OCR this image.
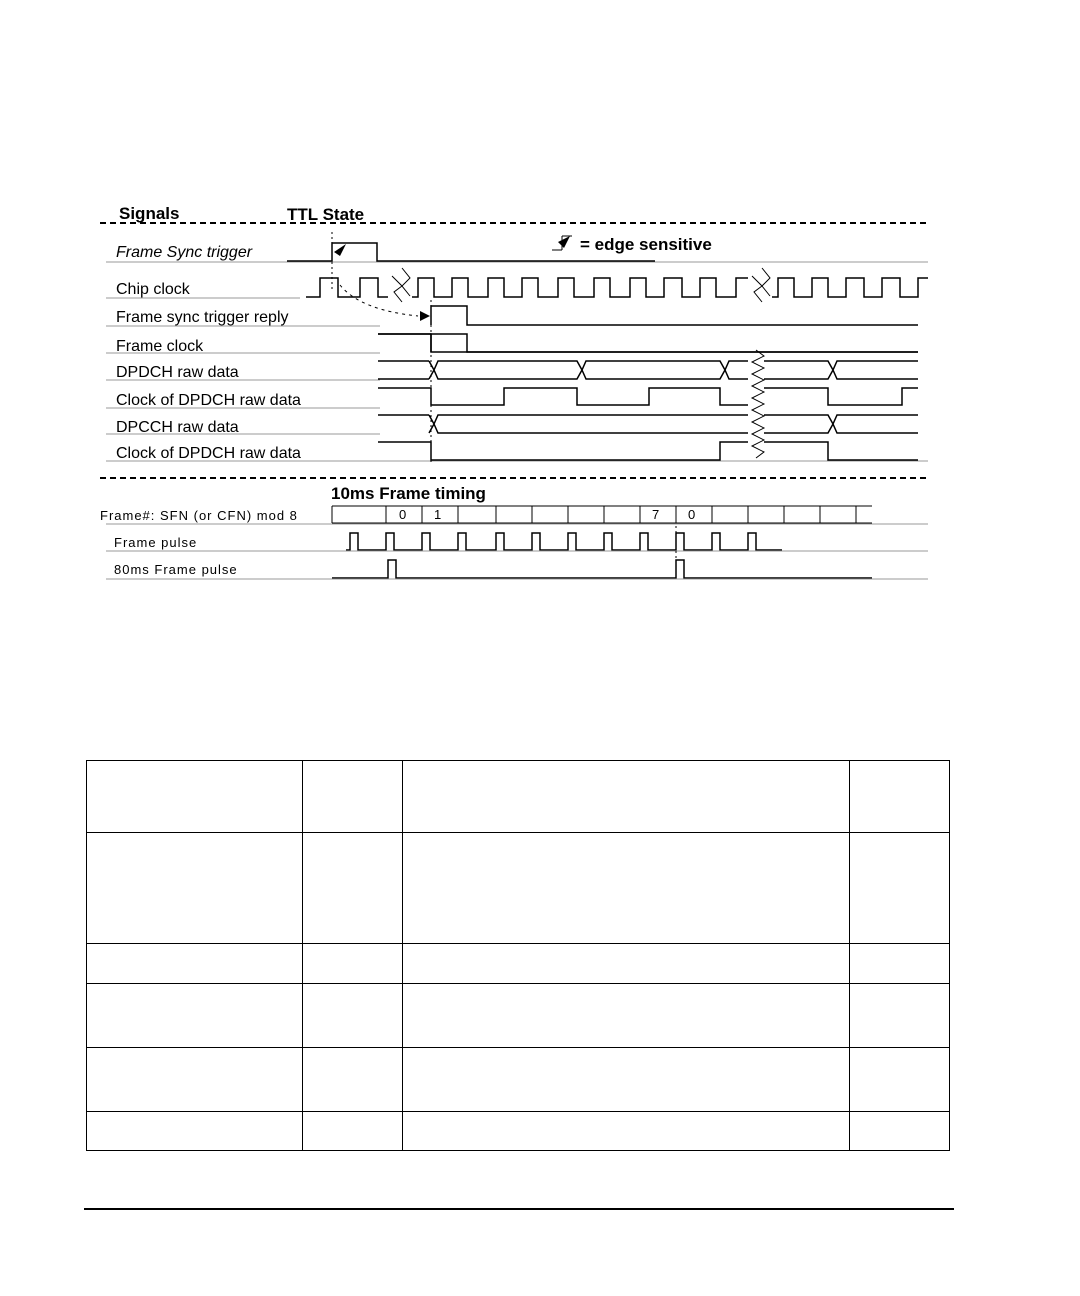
Signals	TTL State
= edge sensitive
Frame Sync trigger
Chip clock
Frame sync trigger reply
Frame clock
DPDCH raw data
Clock of DPDCH raw data
DPCCH raw data
Clock of DPDCH raw data
10ms Frame timing
Frame#: SFN (or CFN) mod 8
Frame pulse
80ms Frame pulse
0 1	7 0
